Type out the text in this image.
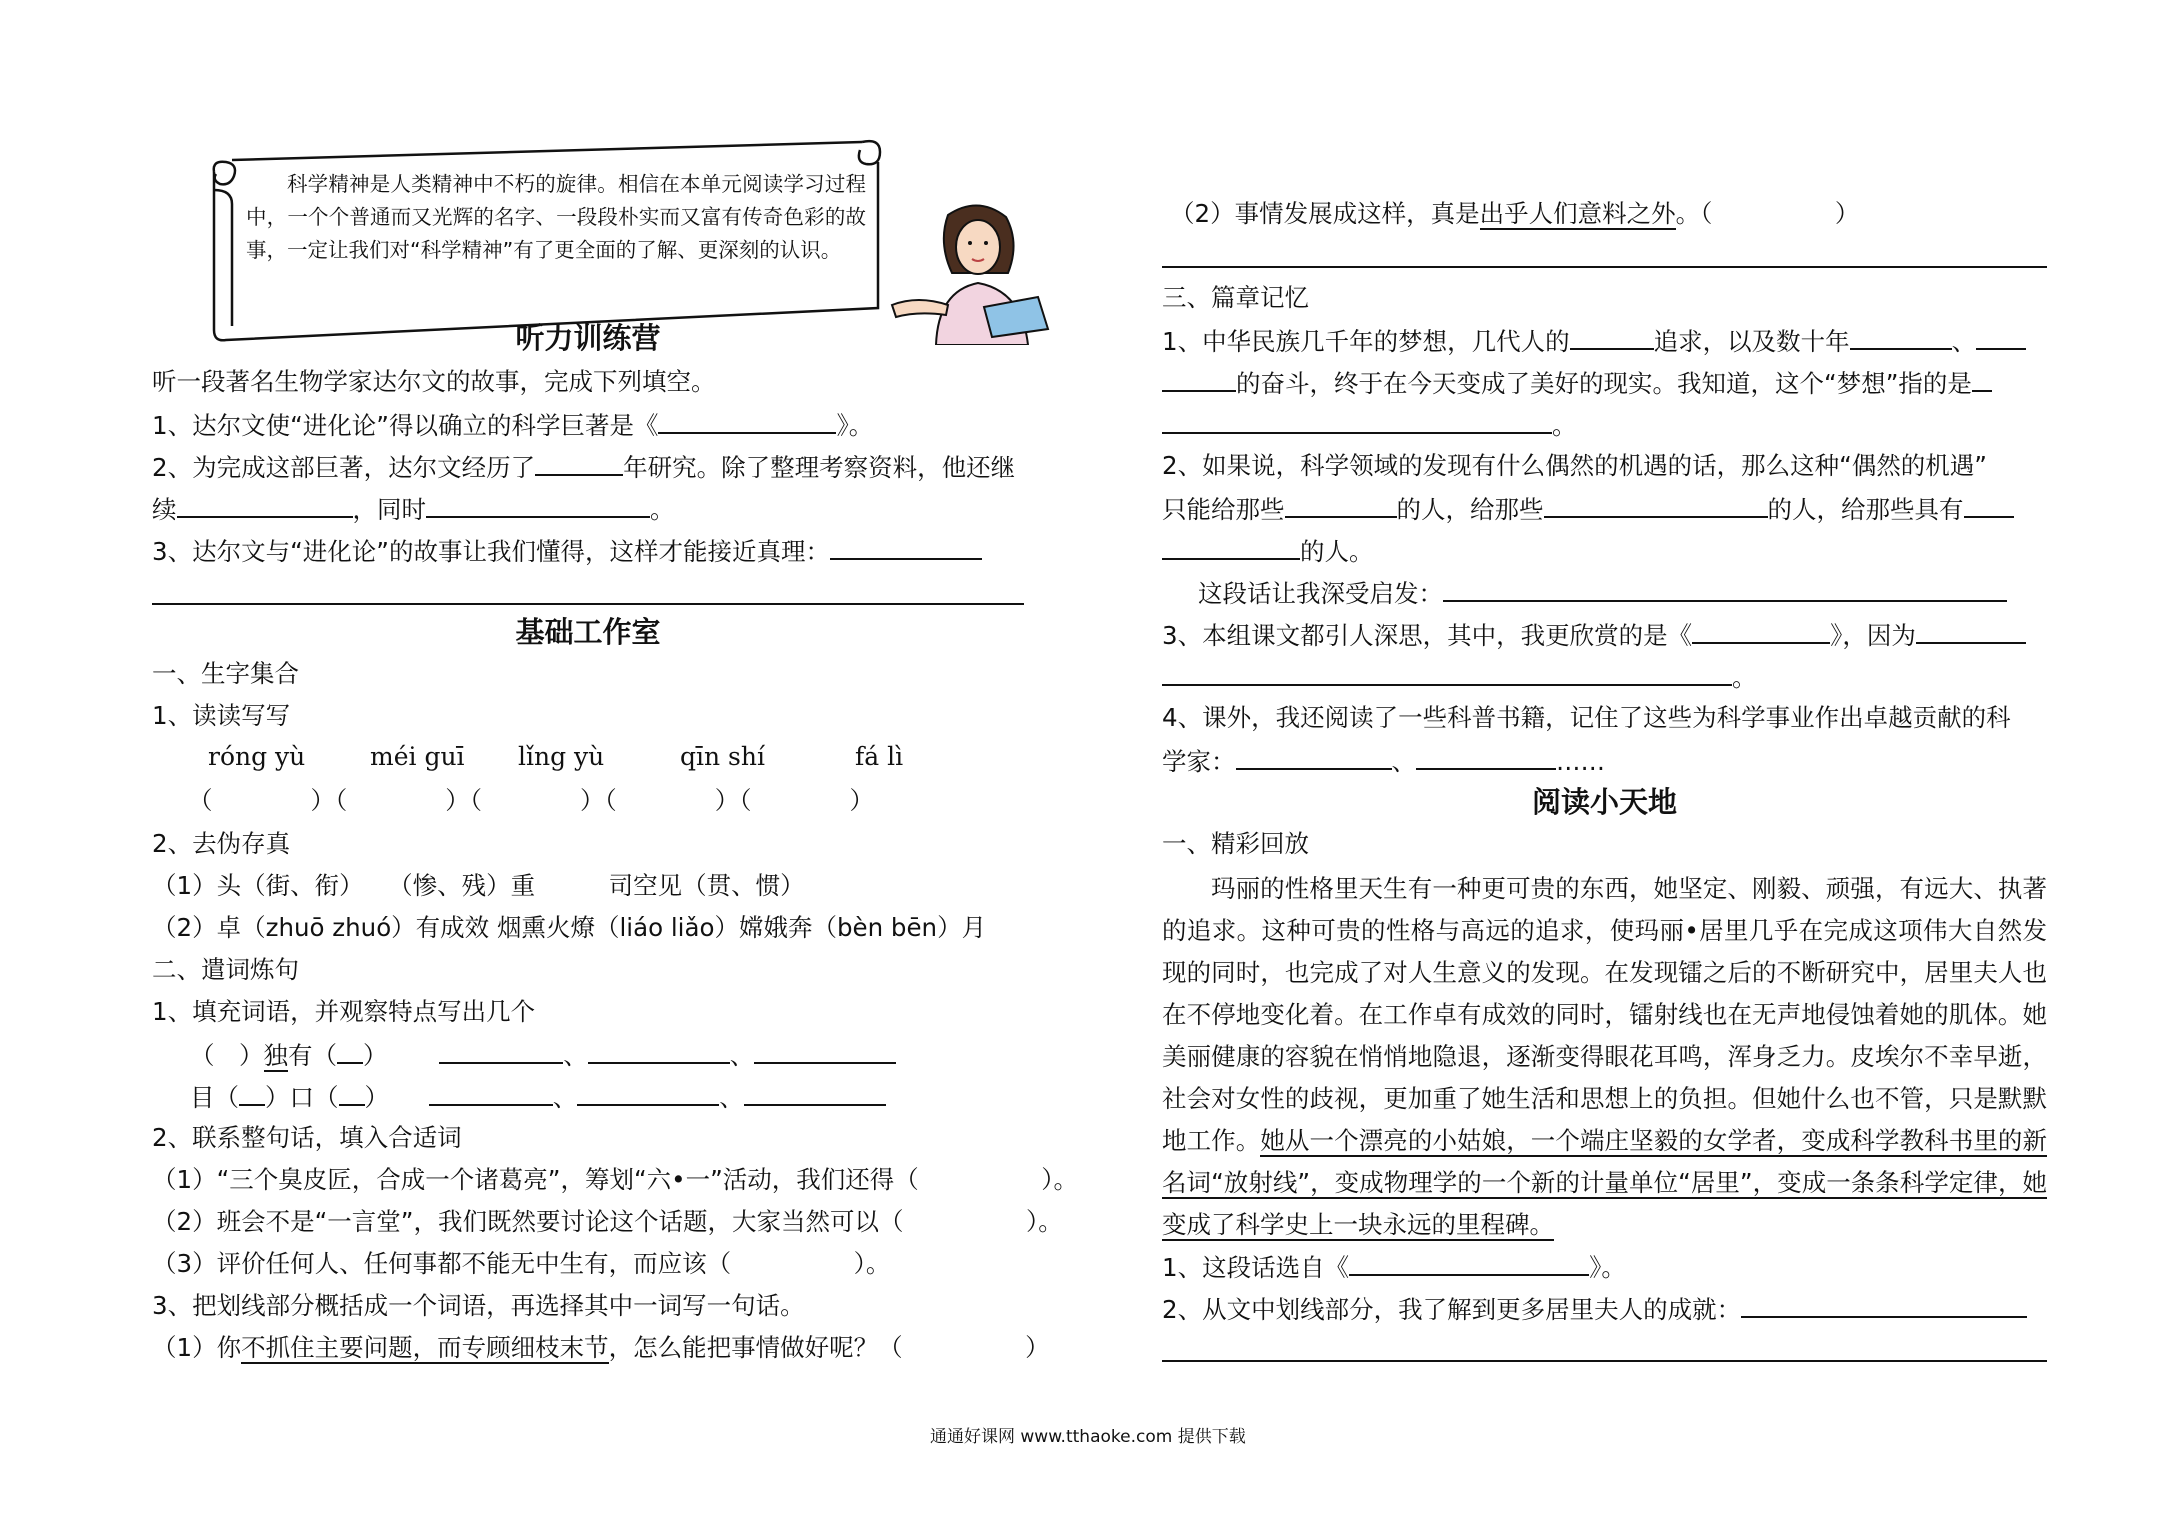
科学精神是人类精神中不朽的旋律。相信在本单元阅读学习过程中，一个个普通而又光辉的名字、一段段朴实而又富有传奇色彩的故事，一定让我们对“科学精神”有了更全面的了解、更深刻的认识。
听力训练营
听一段著名生物学家达尔文的故事，完成下列填空。
1、达尔文使“进化论”得以确立的科学巨著是《	》。
2、为完成这部巨著，达尔文经历了	年研究。除了整理考察资料，他还继
续	，同时	。
3、达尔文与“进化论”的故事让我们懂得，这样才能接近真理：
基础工作室
一、生字集合
1、读读写写
róng yù	méi guī lǐng yù	qīn shí	fá lì
（　　　　）（　　　　）（　　　　）（　　　　）（　　　　）
2、去伪存真
（1）头（街、衔）　　（惨、残）重　　　司空见（贯、惯）
（2）卓（zhuō zhuó）有成效 烟熏火燎（liáo liǎo）嫦娥奔（bèn bēn）月
二、遣词炼句
1、填充词语，并观察特点写出几个
（　）独有（ ）	、	、
目（ ）口（ ）	、	、
2、联系整句话，填入合适词
（1）“三个臭皮匠，合成一个诸葛亮”，筹划“六•一”活动，我们还得（　　　　　）。
（2）班会不是“一言堂”，我们既然要讨论这个话题，大家当然可以（　　　　　）。
（3）评价任何人、任何事都不能无中生有，而应该（　　　　　）。
3、把划线部分概括成一个词语，再选择其中一词写一句话。
（1）你不抓住主要问题，而专顾细枝末节，怎么能把事情做好呢？（　　　　　）
（2）事情发展成这样，真是出乎人们意料之外。（　　　　　）
三、篇章记忆
1、中华民族几千年的梦想，几代人的	追求，以及数十年	、
的奋斗，终于在今天变成了美好的现实。我知道，这个“梦想”指的是
。
2、如果说，科学领域的发现有什么偶然的机遇的话，那么这种“偶然的机遇”
只能给那些	的人，给那些	的人，给那些具有
的人。
这段话让我深受启发：
3、本组课文都引人深思，其中，我更欣赏的是《	》，因为
。
4、课外，我还阅读了一些科普书籍，记住了这些为科学事业作出卓越贡献的科
学家：	、	……
阅读小天地
一、精彩回放

玛丽的性格里天生有一种更可贵的东西，她坚定、刚毅、顽强，有远大、执著的追求。这种可贵的性格与高远的追求，使玛丽•居里几乎在完成这项伟大自然发现的同时，也完成了对人生意义的发现。在发现镭之后的不断研究中，居里夫人也在不停地变化着。在工作卓有成效的同时，镭射线也在无声地侵蚀着她的肌体。她美丽健康的容貌在悄悄地隐退，逐渐变得眼花耳鸣，浑身乏力。皮埃尔不幸早逝，社会对女性的歧视，更加重了她生活和思想上的负担。但她什么也不管，只是默默地工作。她从一个漂亮的小姑娘，一个端庄坚毅的女学者，变成科学教科书里的新名词“放射线”，变成物理学的一个新的计量单位“居里”，变成一条条科学定律，她变成了科学史上一块永远的里程碑。

1、这段话选自《	》。
2、从文中划线部分，我了解到更多居里夫人的成就：
通通好课网 www.tthaoke.com 提供下载
